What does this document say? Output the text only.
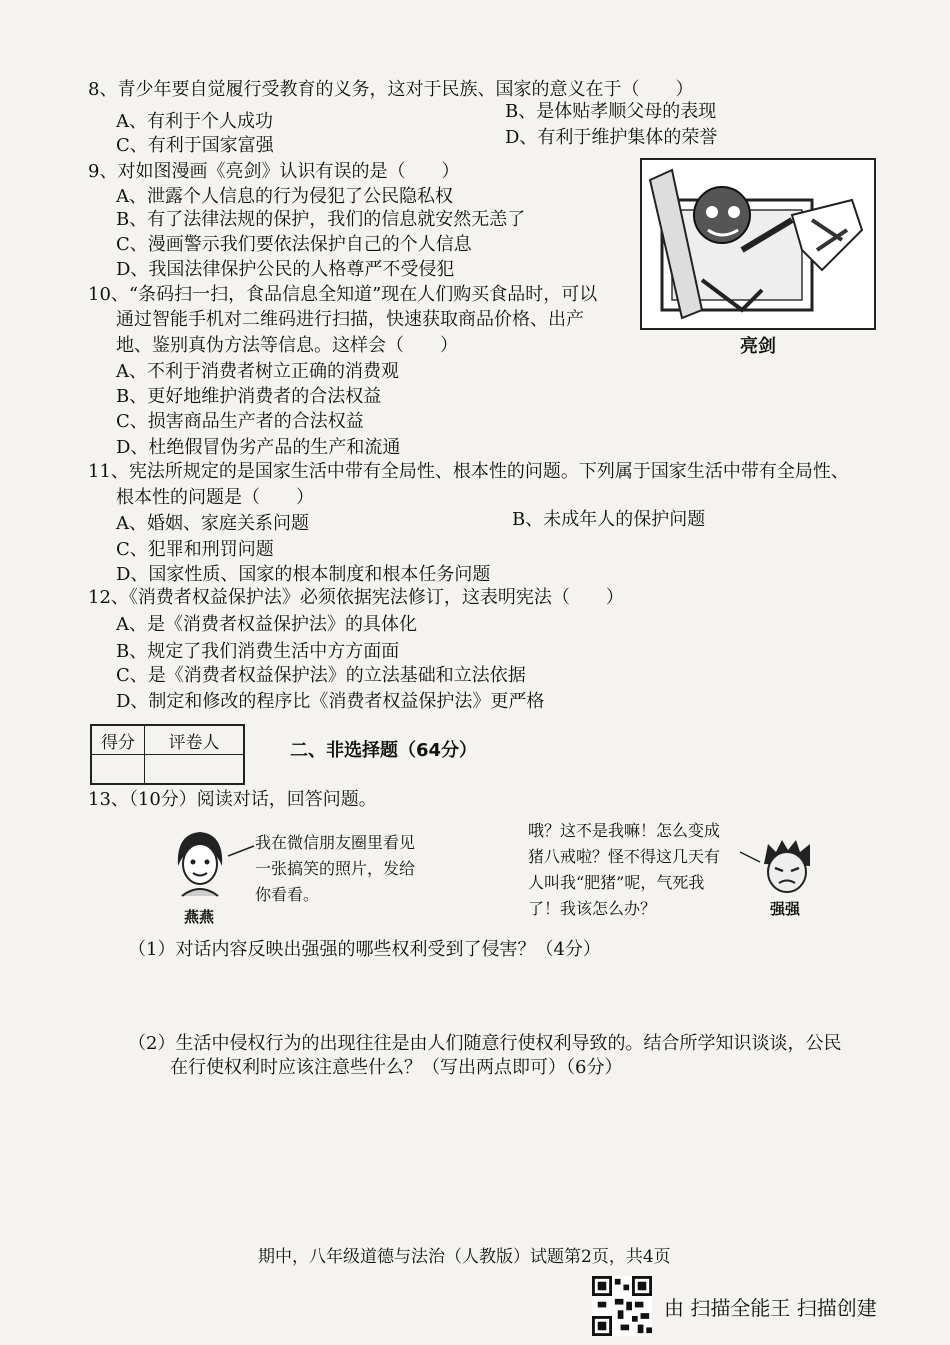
8、青少年要自觉履行受教育的义务，这对于民族、国家的意义在于（　　）
A、有利于个人成功	B、是体贴孝顺父母的表现
C、有利于国家富强	D、有利于维护集体的荣誉
9、对如图漫画《亮剑》认识有误的是（　　）
A、泄露个人信息的行为侵犯了公民隐私权
B、有了法律法规的保护，我们的信息就安然无恙了
C、漫画警示我们要依法保护自己的个人信息
D、我国法律保护公民的人格尊严不受侵犯
亮剑
10、“条码扫一扫，食品信息全知道”现在人们购买食品时，可以
通过智能手机对二维码进行扫描，快速获取商品价格、出产
地、鉴别真伪方法等信息。这样会（　　）
A、不利于消费者树立正确的消费观
B、更好地维护消费者的合法权益
C、损害商品生产者的合法权益
D、杜绝假冒伪劣产品的生产和流通
11、宪法所规定的是国家生活中带有全局性、根本性的问题。下列属于国家生活中带有全局性、
根本性的问题是（　　）
A、婚姻、家庭关系问题	B、未成年人的保护问题
C、犯罪和刑罚问题
D、国家性质、国家的根本制度和根本任务问题
12、《消费者权益保护法》必须依据宪法修订，这表明宪法（　　）
A、是《消费者权益保护法》的具体化
B、规定了我们消费生活中方方面面
C、是《消费者权益保护法》的立法基础和立法依据
D、制定和修改的程序比《消费者权益保护法》更严格
得分	评卷人
		二、非选择题（64分）
13、（10分）阅读对话，回答问题。
燕燕
我在微信朋友圈里看见
一张搞笑的照片，发给
你看看。
哦？这不是我嘛！怎么变成
猪八戒啦？怪不得这几天有
人叫我“肥猪”呢，气死我
了！我该怎么办？	强强
（1）对话内容反映出强强的哪些权利受到了侵害？（4分）
（2）生活中侵权行为的出现往往是由人们随意行使权利导致的。结合所学知识谈谈，公民
在行使权利时应该注意些什么？（写出两点即可）（6分）
期中，八年级道德与法治（人教版）试题第2页，共4页
由 扫描全能王 扫描创建
